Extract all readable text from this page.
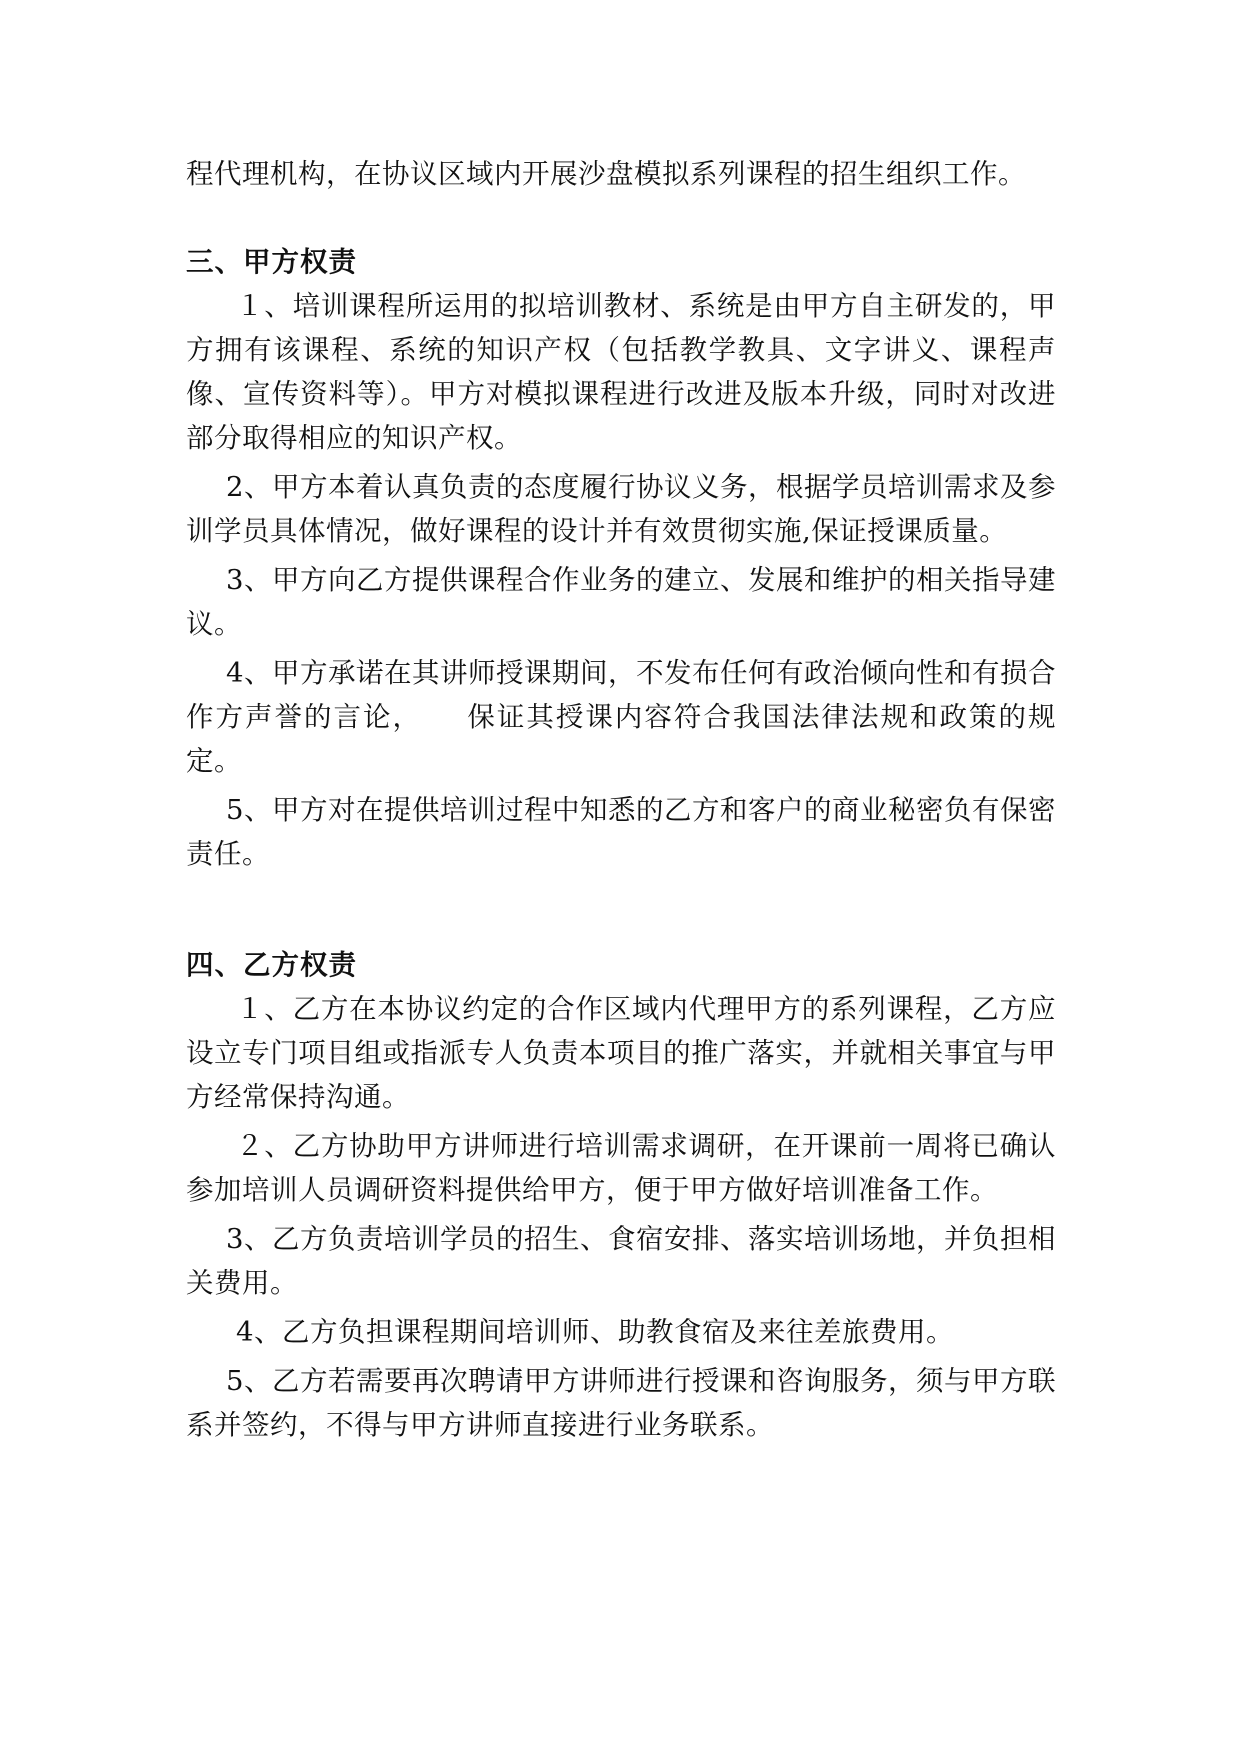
程代理机构，在协议区域内开展沙盘模拟系列课程的招生组织工作。

三、甲方权责

１、培训课程所运用的拟培训教材、系统是由甲方自主研发的，甲方拥有该课程、系统的知识产权（包括教学教具、文字讲义、课程声像、宣传资料等）。甲方对模拟课程进行改进及版本升级，同时对改进部分取得相应的知识产权。

2、甲方本着认真负责的态度履行协议义务，根据学员培训需求及参训学员具体情况，做好课程的设计并有效贯彻实施,保证授课质量。

3、甲方向乙方提供课程合作业务的建立、发展和维护的相关指导建议。

4、甲方承诺在其讲师授课期间，不发布任何有政治倾向性和有损合作方声誉的言论，　　保证其授课内容符合我国法律法规和政策的规定。

5、甲方对在提供培训过程中知悉的乙方和客户的商业秘密负有保密责任。

四、乙方权责

１、乙方在本协议约定的合作区域内代理甲方的系列课程，乙方应设立专门项目组或指派专人负责本项目的推广落实，并就相关事宜与甲方经常保持沟通。

２、乙方协助甲方讲师进行培训需求调研，在开课前一周将已确认参加培训人员调研资料提供给甲方，便于甲方做好培训准备工作。

3、乙方负责培训学员的招生、食宿安排、落实培训场地，并负担相关费用。

4、乙方负担课程期间培训师、助教食宿及来往差旅费用。

5、乙方若需要再次聘请甲方讲师进行授课和咨询服务，须与甲方联系并签约，不得与甲方讲师直接进行业务联系。
